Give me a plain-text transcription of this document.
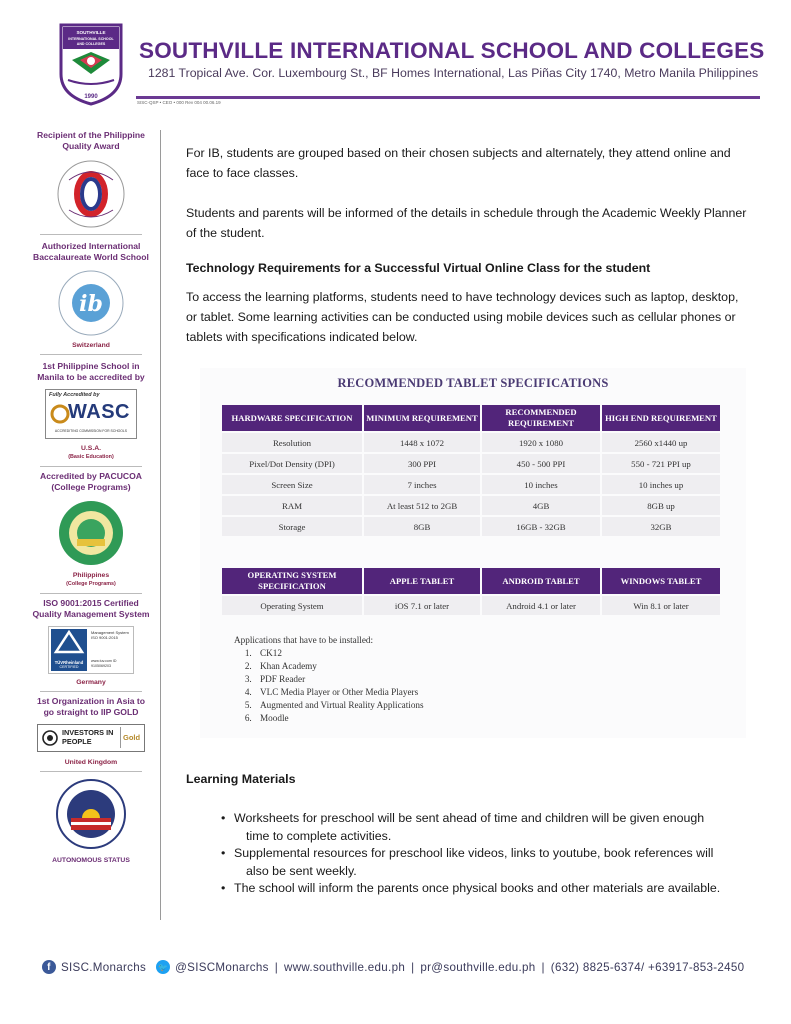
SOUTHVILLE
INTERNATIONAL SCHOOL
AND COLLEGES
1990
SOUTHVILLE INTERNATIONAL SCHOOL AND COLLEGES
1281 Tropical Ave. Cor. Luxembourg St., BF Homes International, Las Piñas City 1740, Metro Manila Philippines
SISC-QSP • CEO • 000 Rev 004 00.06.19
Recipient of the Philippine Quality Award
Authorized International Baccalaureate World School
ib
Switzerland
1st Philippine School in Manila to be accredited by
Fully Accredited by
WASC
ACCREDITING COMMISSION FOR SCHOOLS
U.S.A.
(Basic Education)
Accredited by PACUCOA (College Programs)
Philippines
(College Programs)
ISO 9001:2015 Certified Quality Management System
TÜVRheinland
CERTIFIED
Management System ISO 9001:2015
www.tuv.com ID 9105069203
Germany
1st Organization in Asia to go straight to IIP GOLD
INVESTORS IN PEOPLE	Gold
United Kingdom
AUTONOMOUS STATUS

For IB, students are grouped based on their chosen subjects and alternately, they attend online and face to face classes.

Students and parents will be informed of the details in schedule through the Academic Weekly Planner of the student.

Technology Requirements for a Successful Virtual Online Class for the student

To access the learning platforms, students need to have technology devices such as laptop, desktop, or tablet. Some learning activities can be conducted using mobile devices such as cellular phones or tablets with specifications indicated below.

RECOMMENDED TABLET SPECIFICATIONS
HARDWARE SPECIFICATION	MINIMUM REQUIREMENT	RECOMMENDED REQUIREMENT	HIGH END REQUIREMENT
Resolution	1448 x 1072	1920 x 1080	2560 x1440 up
Pixel/Dot Density (DPI)	300 PPI	450 - 500 PPI	550 - 721 PPI up
Screen Size	7 inches	10 inches	10 inches up
RAM	At least 512 to 2GB	4GB	8GB up
Storage	8GB	16GB - 32GB	32GB
OPERATING SYSTEM SPECIFICATION	APPLE TABLET	ANDROID TABLET	WINDOWS TABLET
Operating System	iOS 7.1 or later	Android 4.1 or later	Win 8.1 or later
Applications that have to be installed:
1. CK12
2. Khan Academy
3. PDF Reader
4. VLC Media Player or Other Media Players
5. Augmented and Virtual Reality Applications
6. Moodle
Learning Materials
• Worksheets for preschool will be sent ahead of time and children will be given enough
time to complete activities.
• Supplemental resources for preschool like videos, links to youtube, book references will
also be sent weekly.
• The school will inform the parents once physical books and other materials are available.
f SISC.Monarchs 🐦 @SISCMonarchs | www.southville.edu.ph | pr@southville.edu.ph | (632) 8825-6374/ +63917-853-2450
